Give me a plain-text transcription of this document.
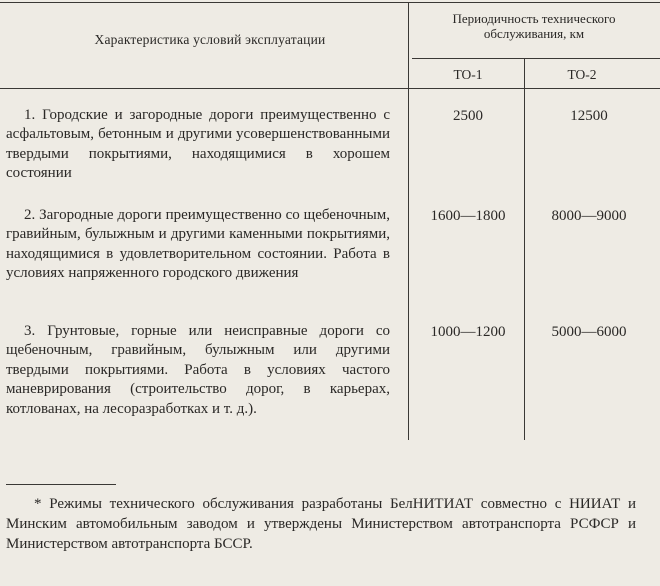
Характеристика условий эксплуатации
Периодичность технического обслуживания, км
ТО-1	ТО-2
1. Городские и загородные дороги преимущественно с асфальтовым, бетонным и другими усовершенствованными твердыми покрытиями, находящимися в хорошем состоянии
2500	12500
2. Загородные дороги преимущественно со щебеночным, гравийным, булыжным и другими каменными покрытиями, находящимися в удовлетворительном состоянии. Работа в условиях напряженного городского движения
1600—1800	8000—9000
3. Грунтовые, горные или неисправные дороги со щебеночным, гравийным, булыжным или другими твердыми покрытиями. Работа в условиях частого маневрирования (строительство дорог, в карьерах, котлованах, на лесоразработках и т. д.).
1000—1200	5000—6000
* Режимы технического обслуживания разработаны БелНИТИАТ совместно с НИИАТ и Минским автомобильным заводом и утверждены Министерством автотранспорта РСФСР и Министерством автотранспорта БССР.
